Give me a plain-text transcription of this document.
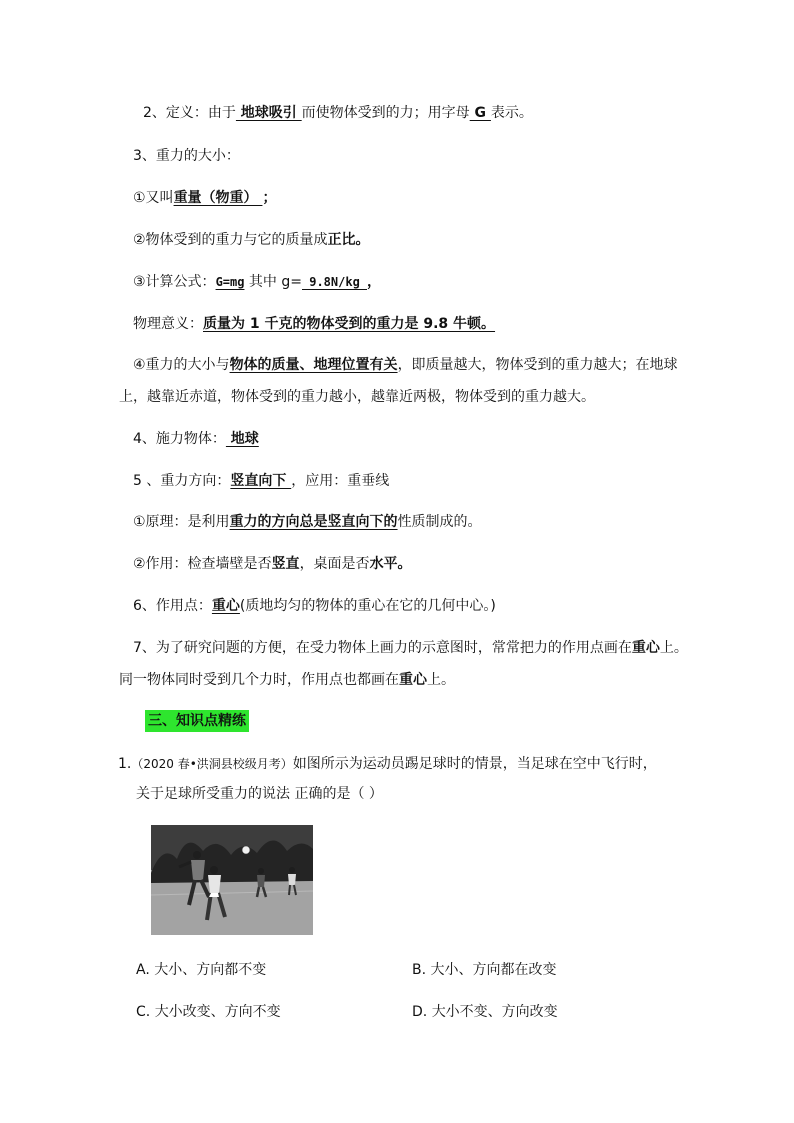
2、定义：由于 地球吸引 而使物体受到的力；用字母 G 表示。
3、重力的大小：
①又叫重量（物重） ；
②物体受到的重力与它的质量成正比。
③计算公式：G=mg 其中 g= 9.8N/kg ，
物理意义：质量为 1 千克的物体受到的重力是 9.8 牛顿。
④重力的大小与物体的质量、地理位置有关，即质量越大，物体受到的重力越大；在地球
上，越靠近赤道，物体受到的重力越小，越靠近两极，物体受到的重力越大。
4、施力物体： 地球
5 、重力方向：竖直向下 ，应用：重垂线
①原理：是利用重力的方向总是竖直向下的性质制成的。
②作用：检查墙壁是否竖直，桌面是否水平。
6、作用点：重心(质地均匀的物体的重心在它的几何中心。)
7、为了研究问题的方便，在受力物体上画力的示意图时，常常把力的作用点画在重心上。
同一物体同时受到几个力时，作用点也都画在重心上。
三、知识点精练
1.（2020 春•洪洞县校级月考）如图所示为运动员踢足球时的情景，当足球在空中飞行时，
关于足球所受重力的说法 正确的是（ ）
A. 大小、方向都不变	B. 大小、方向都在改变
C. 大小改变、方向不变	D. 大小不变、方向改变
